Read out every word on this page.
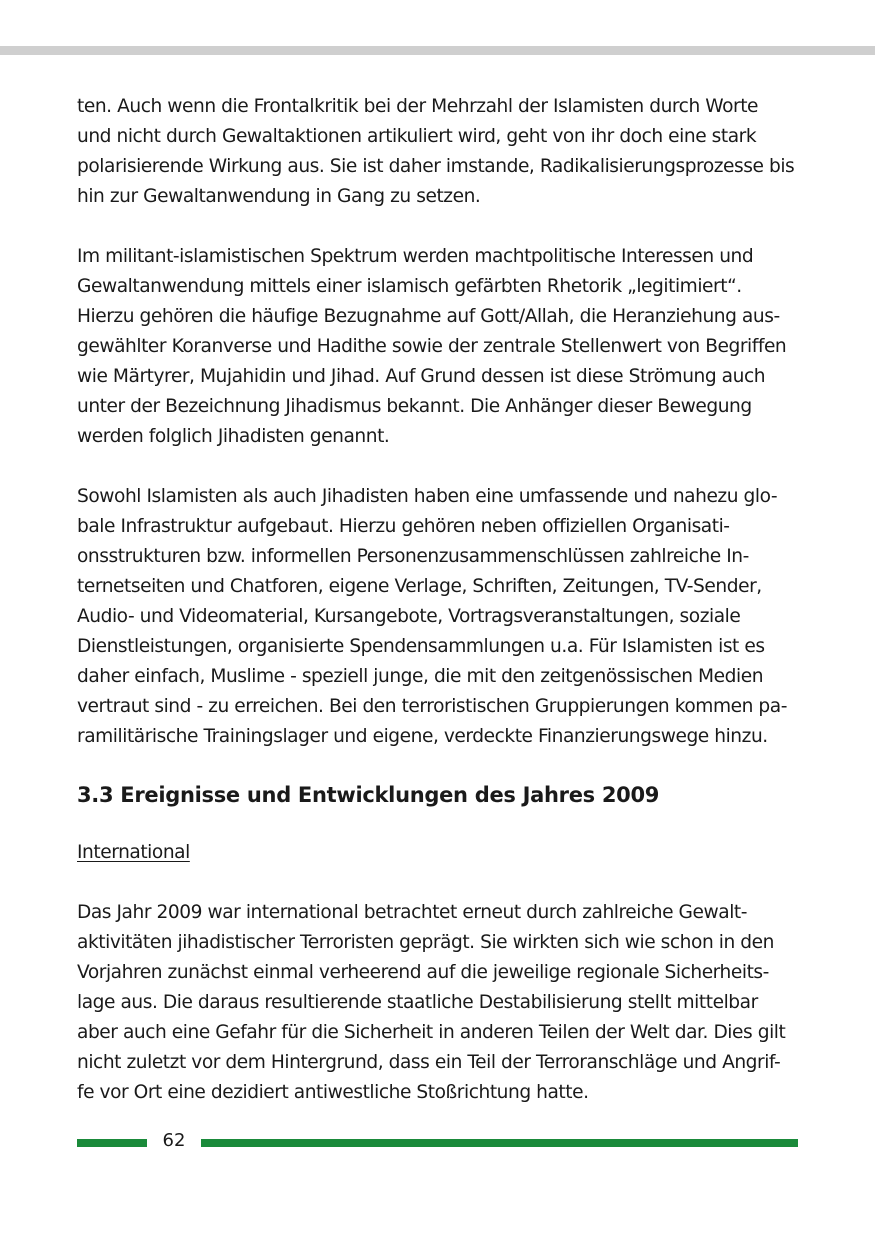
ten. Auch wenn die Frontalkritik bei der Mehrzahl der Islamisten durch Worte
und nicht durch Gewaltaktionen artikuliert wird, geht von ihr doch eine stark
polarisierende Wirkung aus. Sie ist daher imstande, Radikalisierungsprozesse bis
hin zur Gewaltanwendung in Gang zu setzen.

Im militant-islamistischen Spektrum werden machtpolitische Interessen und
Gewaltanwendung mittels einer islamisch gefärbten Rhetorik „legitimiert“.
Hierzu gehören die häufige Bezugnahme auf Gott/Allah, die Heranziehung aus-
gewählter Koranverse und Hadithe sowie der zentrale Stellenwert von Begriffen
wie Märtyrer, Mujahidin und Jihad. Auf Grund dessen ist diese Strömung auch
unter der Bezeichnung Jihadismus bekannt. Die Anhänger dieser Bewegung
werden folglich Jihadisten genannt.

Sowohl Islamisten als auch Jihadisten haben eine umfassende und nahezu glo-
bale Infrastruktur aufgebaut. Hierzu gehören neben offiziellen Organisati-
onsstrukturen bzw. informellen Personenzusammenschlüssen zahlreiche In-
ternetseiten und Chatforen, eigene Verlage, Schriften, Zeitungen, TV-Sender,
Audio- und Videomaterial, Kursangebote, Vortragsveranstaltungen, soziale
Dienstleistungen, organisierte Spendensammlungen u.a. Für Islamisten ist es
daher einfach, Muslime - speziell junge, die mit den zeitgenössischen Medien
vertraut sind - zu erreichen. Bei den terroristischen Gruppierungen kommen pa-
ramilitärische Trainingslager und eigene, verdeckte Finanzierungswege hinzu.

3.3 Ereignisse und Entwicklungen des Jahres 2009
International

Das Jahr 2009 war international betrachtet erneut durch zahlreiche Gewalt-
aktivitäten jihadistischer Terroristen geprägt. Sie wirkten sich wie schon in den
Vorjahren zunächst einmal verheerend auf die jeweilige regionale Sicherheits-
lage aus. Die daraus resultierende staatliche Destabilisierung stellt mittelbar
aber auch eine Gefahr für die Sicherheit in anderen Teilen der Welt dar. Dies gilt
nicht zuletzt vor dem Hintergrund, dass ein Teil der Terroranschläge und Angrif-
fe vor Ort eine dezidiert antiwestliche Stoßrichtung hatte.

62
